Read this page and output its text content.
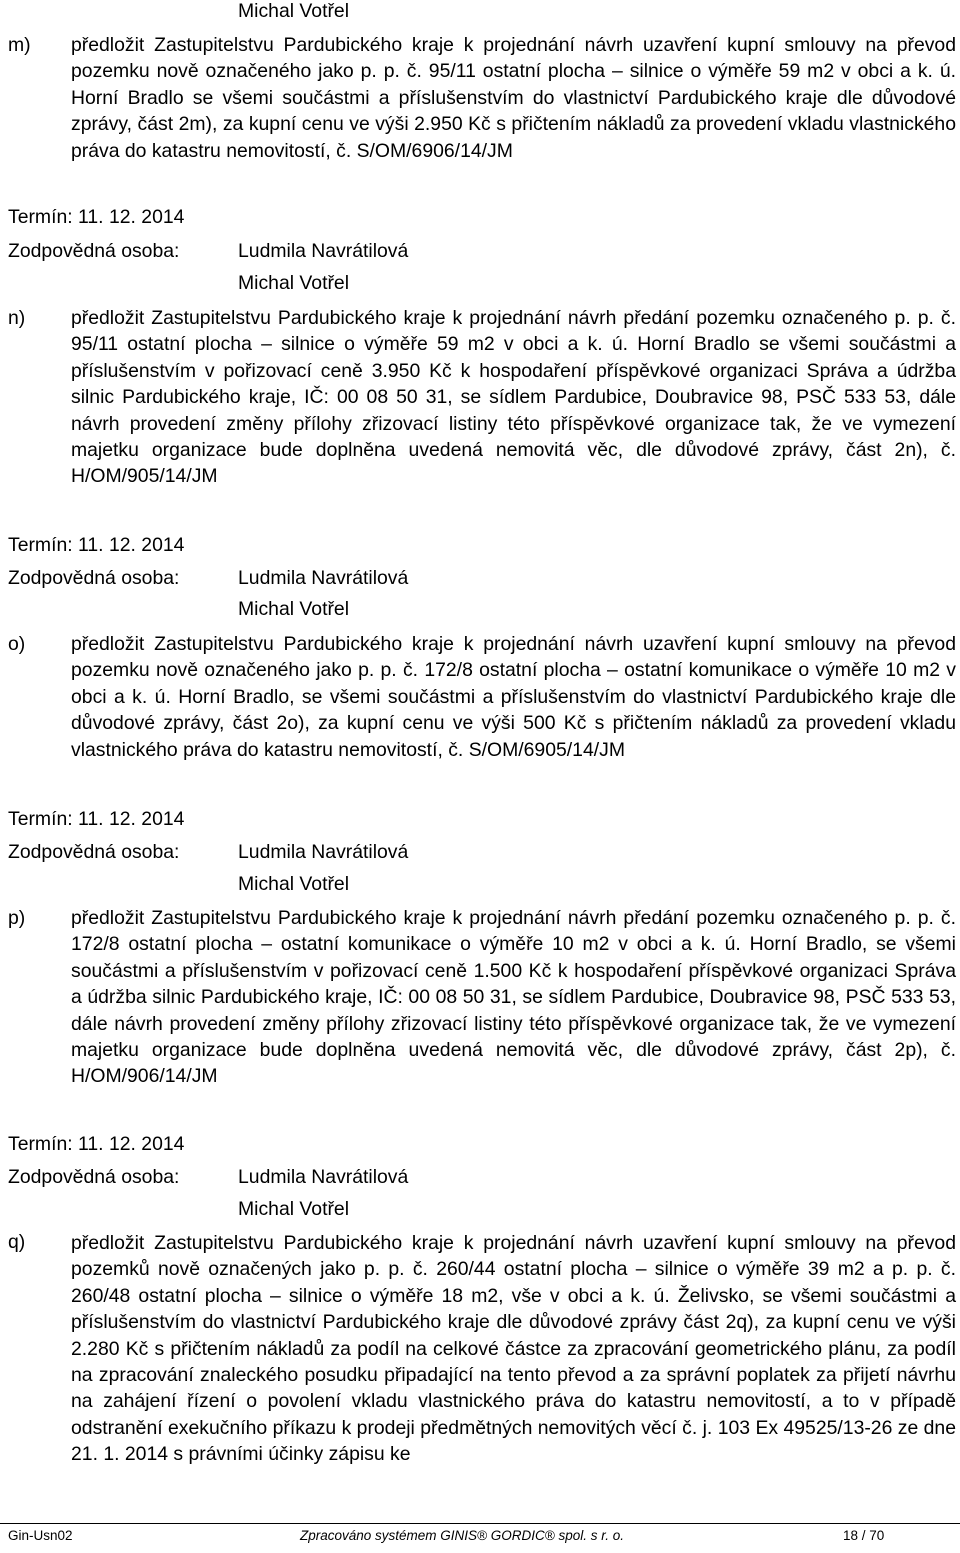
Michal Votřel
m) předložit Zastupitelstvu Pardubického kraje k projednání návrh uzavření kupní smlouvy na převod pozemku nově označeného jako p. p. č. 95/11 ostatní plocha – silnice o výměře 59 m2 v obci a k. ú. Horní Bradlo se všemi součástmi a příslušenstvím do vlastnictví Pardubického kraje dle důvodové zprávy, část 2m), za kupní cenu ve výši 2.950 Kč s přičtením nákladů za provedení vkladu vlastnického práva do katastru nemovitostí, č. S/OM/6906/14/JM
Termín: 11. 12. 2014
Zodpovědná osoba:	Ludmila Navrátilová
Michal Votřel
n) předložit Zastupitelstvu Pardubického kraje k projednání návrh předání pozemku označeného p. p. č. 95/11 ostatní plocha – silnice o výměře 59 m2 v obci a k. ú. Horní Bradlo se všemi součástmi a příslušenstvím v pořizovací ceně 3.950 Kč k hospodaření příspěvkové organizaci Správa a údržba silnic Pardubického kraje, IČ: 00 08 50 31, se sídlem Pardubice, Doubravice 98, PSČ 533 53, dále návrh provedení změny přílohy zřizovací listiny této příspěvkové organizace tak, že ve vymezení majetku organizace bude doplněna uvedená nemovitá věc, dle důvodové zprávy, část 2n), č. H/OM/905/14/JM
Termín: 11. 12. 2014
Zodpovědná osoba:	Ludmila Navrátilová
Michal Votřel
o) předložit Zastupitelstvu Pardubického kraje k projednání návrh uzavření kupní smlouvy na převod pozemku nově označeného jako p. p. č. 172/8 ostatní plocha – ostatní komunikace o výměře 10 m2 v obci a k. ú. Horní Bradlo, se všemi součástmi a příslušenstvím do vlastnictví Pardubického kraje dle důvodové zprávy, část 2o), za kupní cenu ve výši 500 Kč s přičtením nákladů za provedení vkladu vlastnického práva do katastru nemovitostí, č. S/OM/6905/14/JM
Termín: 11. 12. 2014
Zodpovědná osoba:	Ludmila Navrátilová
Michal Votřel
p) předložit Zastupitelstvu Pardubického kraje k projednání návrh předání pozemku označeného p. p. č. 172/8 ostatní plocha – ostatní komunikace o výměře 10 m2 v obci a k. ú. Horní Bradlo, se všemi součástmi a příslušenstvím v pořizovací ceně 1.500 Kč k hospodaření příspěvkové organizaci Správa a údržba silnic Pardubického kraje, IČ: 00 08 50 31, se sídlem Pardubice, Doubravice 98, PSČ 533 53, dále návrh provedení změny přílohy zřizovací listiny této příspěvkové organizace tak, že ve vymezení majetku organizace bude doplněna uvedená nemovitá věc, dle důvodové zprávy, část 2p), č. H/OM/906/14/JM
Termín: 11. 12. 2014
Zodpovědná osoba:	Ludmila Navrátilová
Michal Votřel
q) předložit Zastupitelstvu Pardubického kraje k projednání návrh uzavření kupní smlouvy na převod pozemků nově označených jako p. p. č. 260/44 ostatní plocha – silnice o výměře 39 m2 a p. p. č. 260/48 ostatní plocha – silnice o výměře 18 m2, vše v obci a k. ú. Želivsko, se všemi součástmi a příslušenstvím do vlastnictví Pardubického kraje dle důvodové zprávy část 2q), za kupní cenu ve výši 2.280 Kč s přičtením nákladů za podíl na celkové částce za zpracování geometrického plánu, za podíl na zpracování znaleckého posudku připadající na tento převod a za správní poplatek za přijetí návrhu na zahájení řízení o povolení vkladu vlastnického práva do katastru nemovitostí, a to v případě odstranění exekučního příkazu k prodeji předmětných nemovitých věcí č. j. 103 Ex 49525/13-26 ze dne 21. 1. 2014 s právními účinky zápisu ke
Gin-Usn02	Zpracováno systémem GINIS® GORDIC® spol. s r. o.	18 / 70
